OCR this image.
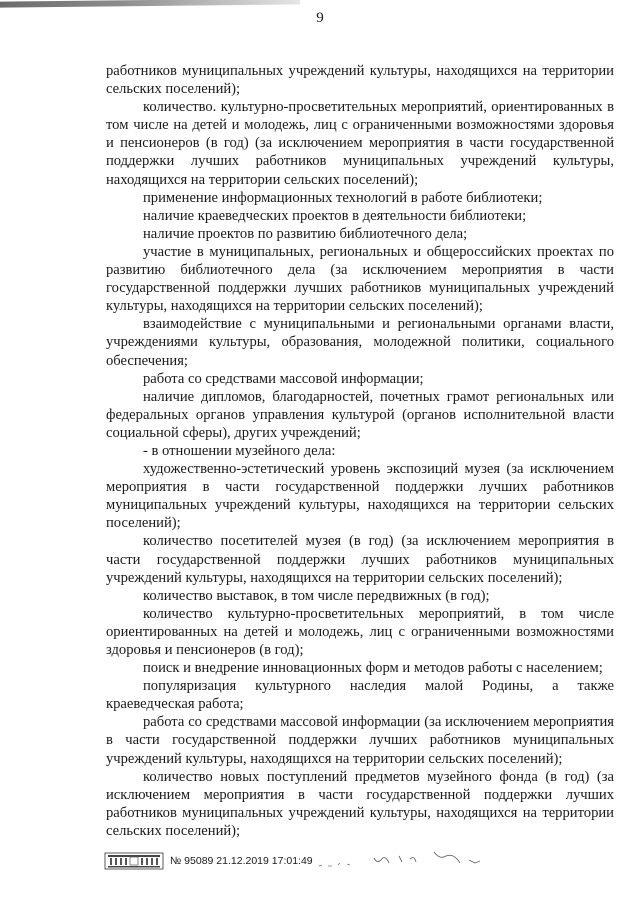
9

работников муниципальных учреждений культуры, находящихся на территории сельских поселений);

количество. культурно-просветительных мероприятий, ориентированных в том числе на детей и молодежь, лиц с ограниченными возможностями здоровья и пенсионеров (в год) (за исключением мероприятия в части государственной поддержки лучших работников муниципальных учреждений культуры, находящихся на территории сельских поселений);

применение информационных технологий в работе библиотеки;

наличие краеведческих проектов в деятельности библиотеки;

наличие проектов по развитию библиотечного дела;

участие в муниципальных, региональных и общероссийских проектах по развитию библиотечного дела (за исключением мероприятия в части государственной поддержки лучших работников муниципальных учреждений культуры, находящихся на территории сельских поселений);

взаимодействие с муниципальными и региональными органами власти, учреждениями культуры, образования, молодежной политики, социального обеспечения;

работа со средствами массовой информации;

наличие дипломов, благодарностей, почетных грамот региональных или федеральных органов управления культурой (органов исполнительной власти социальной сферы), других учреждений;

- в отношении музейного дела:

художественно-эстетический уровень экспозиций музея (за исключением мероприятия в части государственной поддержки лучших работников муниципальных учреждений культуры, находящихся на территории сельских поселений);

количество посетителей музея (в год) (за исключением мероприятия в части государственной поддержки лучших работников муниципальных учреждений культуры, находящихся на территории сельских поселений);

количество выставок, в том числе передвижных (в год);

количество культурно-просветительных мероприятий, в том числе ориентированных на детей и молодежь, лиц с ограниченными возможностями здоровья и пенсионеров (в год);

поиск и внедрение инновационных форм и методов работы с населением;

популяризация культурного наследия малой Родины, а также краеведческая работа;

работа со средствами массовой информации (за исключением мероприятия в части государственной поддержки лучших работников муниципальных учреждений культуры, находящихся на территории сельских поселений);

количество новых поступлений предметов музейного фонда (в год) (за исключением мероприятия в части государственной поддержки лучших работников муниципальных учреждений культуры, находящихся на территории сельских поселений);

№ 95089 21.12.2019 17:01:49
